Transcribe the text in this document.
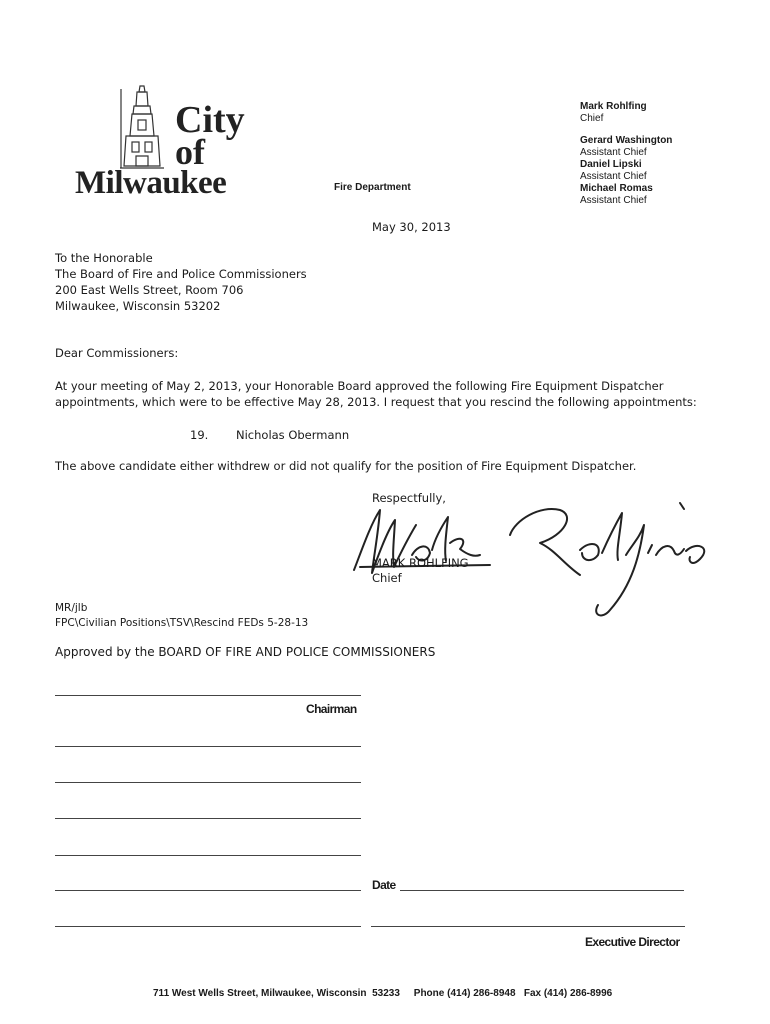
City
of
Milwaukee	Fire Department
Mark Rohlfing
Chief
Gerard Washington
Assistant Chief
Daniel Lipski
Assistant Chief
Michael Romas
Assistant Chief
May 30, 2013
To the Honorable
The Board of Fire and Police Commissioners
200 East Wells Street, Room 706
Milwaukee, Wisconsin 53202
Dear Commissioners:
At your meeting of May 2, 2013, your Honorable Board approved the following Fire Equipment Dispatcher
appointments, which were to be effective May 28, 2013. I request that you rescind the following appointments:
19. Nicholas Obermann
The above candidate either withdrew or did not qualify for the position of Fire Equipment Dispatcher.
Respectfully,
MARK ROHLFING
Chief
MR/jlb
FPC\Civilian Positions\TSV\Rescind FEDs 5-28-13
Approved by the BOARD OF FIRE AND POLICE COMMISSIONERS
Chairman
Date
Executive Director
711 West Wells Street, Milwaukee, Wisconsin  53233 Phone (414) 286-8948 Fax (414) 286-8996
